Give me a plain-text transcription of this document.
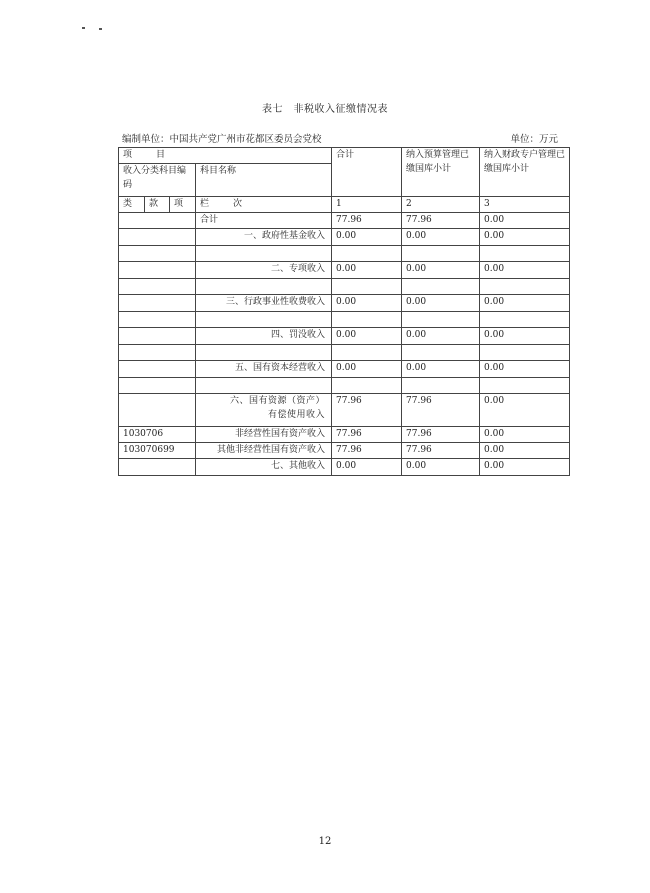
表七　非税收入征缴情况表
编制单位：中国共产党广州市花都区委员会党校	单位：万元
项　　目				合计	纳入预算管理已缴国库小计	纳入财政专户管理已缴国库小计
收入分类科目编码			科目名称			
类	款	项	栏　　次	1	2	3
			合计	77.96	77.96	0.00
			一、政府性基金收入	0.00	0.00	0.00

			二、专项收入	0.00	0.00	0.00

			三、行政事业性收费收入	0.00	0.00	0.00

			四、罚没收入	0.00	0.00	0.00

			五、国有资本经营收入	0.00	0.00	0.00

			六、国有资源（资产）有偿使用收入	77.96	77.96	0.00
1030706			非经营性国有资产收入	77.96	77.96	0.00
103070699			其他非经营性国有资产收入	77.96	77.96	0.00
			七、其他收入	0.00	0.00	0.00
12
